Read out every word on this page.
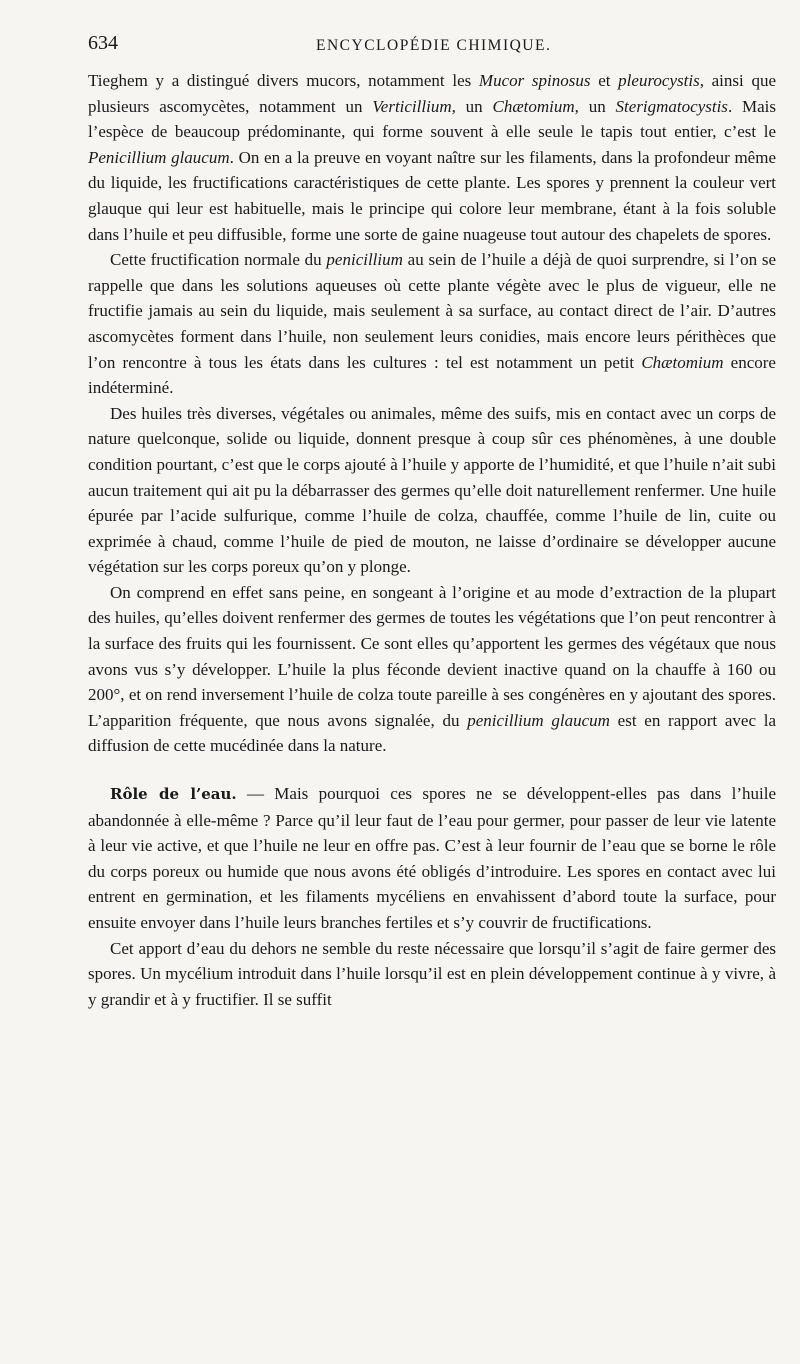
634	ENCYCLOPÉDIE CHIMIQUE.

Tieghem y a distingué divers mucors, notamment les Mucor spinosus et pleurocystis, ainsi que plusieurs ascomycètes, notamment un Verticillium, un Chætomium, un Sterigmatocystis. Mais l’espèce de beaucoup prédominante, qui forme souvent à elle seule le tapis tout entier, c’est le Penicillium glaucum. On en a la preuve en voyant naître sur les filaments, dans la profondeur même du liquide, les fructifications caractéristiques de cette plante. Les spores y prennent la couleur vert glauque qui leur est habituelle, mais le principe qui colore leur membrane, étant à la fois soluble dans l’huile et peu diffusible, forme une sorte de gaine nuageuse tout autour des chapelets de spores.

Cette fructification normale du penicillium au sein de l’huile a déjà de quoi surprendre, si l’on se rappelle que dans les solutions aqueuses où cette plante végète avec le plus de vigueur, elle ne fructifie jamais au sein du liquide, mais seulement à sa surface, au contact direct de l’air. D’autres ascomycètes forment dans l’huile, non seulement leurs conidies, mais encore leurs périthèces que l’on rencontre à tous les états dans les cultures : tel est notamment un petit Chætomium encore indéterminé.

Des huiles très diverses, végétales ou animales, même des suifs, mis en contact avec un corps de nature quelconque, solide ou liquide, donnent presque à coup sûr ces phénomènes, à une double condition pourtant, c’est que le corps ajouté à l’huile y apporte de l’humidité, et que l’huile n’ait subi aucun traitement qui ait pu la débarrasser des germes qu’elle doit naturellement renfermer. Une huile épurée par l’acide sulfurique, comme l’huile de colza, chauffée, comme l’huile de lin, cuite ou exprimée à chaud, comme l’huile de pied de mouton, ne laisse d’ordinaire se développer aucune végétation sur les corps poreux qu’on y plonge.

On comprend en effet sans peine, en songeant à l’origine et au mode d’extraction de la plupart des huiles, qu’elles doivent renfermer des germes de toutes les végétations que l’on peut rencontrer à la surface des fruits qui les fournissent. Ce sont elles qu’apportent les germes des végétaux que nous avons vus s’y développer. L’huile la plus féconde devient inactive quand on la chauffe à 160 ou 200°, et on rend inversement l’huile de colza toute pareille à ses congénères en y ajoutant des spores. L’apparition fréquente, que nous avons signalée, du penicillium glaucum est en rapport avec la diffusion de cette mucédinée dans la nature.

Rôle de l’eau. — Mais pourquoi ces spores ne se développent-elles pas dans l’huile abandonnée à elle-même ? Parce qu’il leur faut de l’eau pour germer, pour passer de leur vie latente à leur vie active, et que l’huile ne leur en offre pas. C’est à leur fournir de l’eau que se borne le rôle du corps poreux ou humide que nous avons été obligés d’introduire. Les spores en contact avec lui entrent en germination, et les filaments mycéliens en envahissent d’abord toute la surface, pour ensuite envoyer dans l’huile leurs branches fertiles et s’y couvrir de fructifications.

Cet apport d’eau du dehors ne semble du reste nécessaire que lorsqu’il s’agit de faire germer des spores. Un mycélium introduit dans l’huile lorsqu’il est en plein développement continue à y vivre, à y grandir et à y fructifier. Il se suffit
